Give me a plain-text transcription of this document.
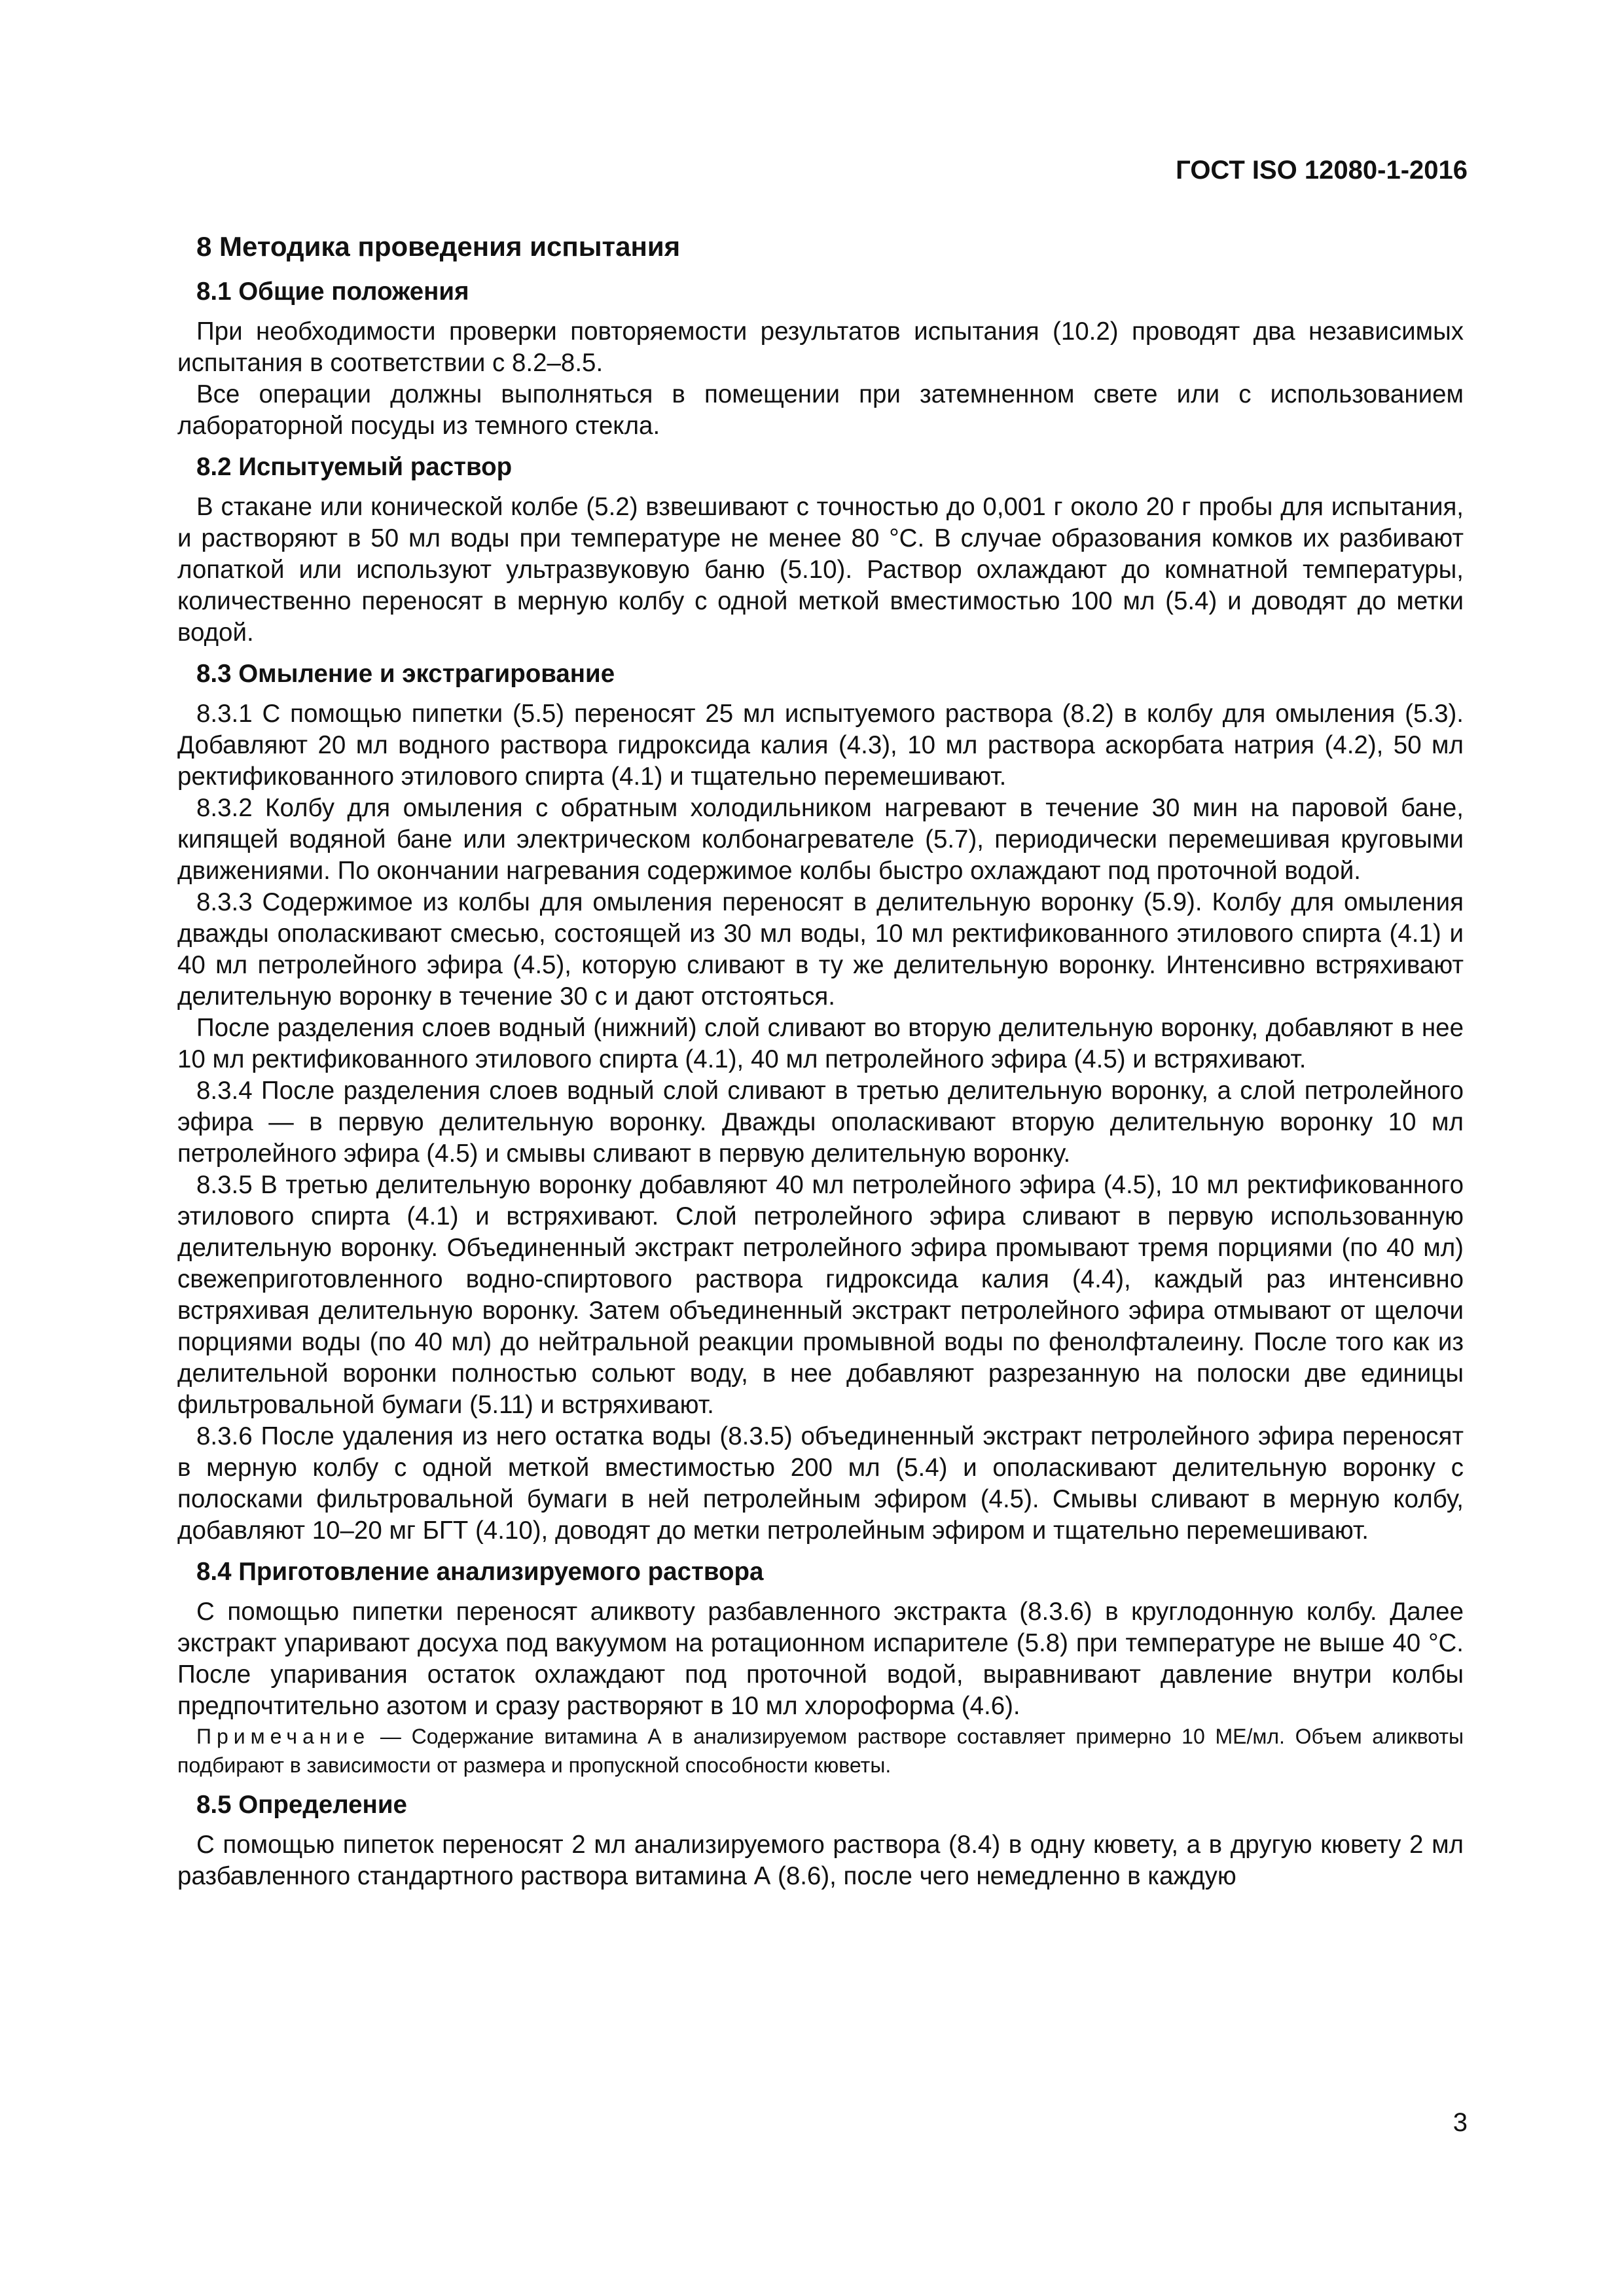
ГОСТ ISO 12080-1-2016
8 Методика проведения испытания
8.1 Общие положения

При необходимости проверки повторяемости результатов испытания (10.2) проводят два независимых испытания в соответствии с 8.2–8.5.

Все операции должны выполняться в помещении при затемненном свете или с использованием лабораторной посуды из темного стекла.

8.2 Испытуемый раствор

В стакане или конической колбе (5.2) взвешивают с точностью до 0,001 г около 20 г пробы для испытания, и растворяют в 50 мл воды при температуре не менее 80 °С. В случае образования комков их разбивают лопаткой или используют ультразвуковую баню (5.10). Раствор охлаждают до комнатной температуры, количественно переносят в мерную колбу с одной меткой вместимостью 100 мл (5.4) и доводят до метки водой.

8.3 Омыление и экстрагирование

8.3.1 С помощью пипетки (5.5) переносят 25 мл испытуемого раствора (8.2) в колбу для омыления (5.3). Добавляют 20 мл водного раствора гидроксида калия (4.3), 10 мл раствора аскорбата натрия (4.2), 50 мл ректификованного этилового спирта (4.1) и тщательно перемешивают.

8.3.2 Колбу для омыления с обратным холодильником нагревают в течение 30 мин на паровой бане, кипящей водяной бане или электрическом колбонагревателе (5.7), периодически перемешивая круговыми движениями. По окончании нагревания содержимое колбы быстро охлаждают под проточной водой.

8.3.3 Содержимое из колбы для омыления переносят в делительную воронку (5.9). Колбу для омыления дважды ополаскивают смесью, состоящей из 30 мл воды, 10 мл ректификованного этилового спирта (4.1) и 40 мл петролейного эфира (4.5), которую сливают в ту же делительную воронку. Интенсивно встряхивают делительную воронку в течение 30 с и дают отстояться.

После разделения слоев водный (нижний) слой сливают во вторую делительную воронку, добавляют в нее 10 мл ректификованного этилового спирта (4.1), 40 мл петролейного эфира (4.5) и встряхивают.

8.3.4 После разделения слоев водный слой сливают в третью делительную воронку, а слой петролейного эфира — в первую делительную воронку. Дважды ополаскивают вторую делительную воронку 10 мл петролейного эфира (4.5) и смывы сливают в первую делительную воронку.

8.3.5 В третью делительную воронку добавляют 40 мл петролейного эфира (4.5), 10 мл ректификованного этилового спирта (4.1) и встряхивают. Слой петролейного эфира сливают в первую использованную делительную воронку. Объединенный экстракт петролейного эфира промывают тремя порциями (по 40 мл) свежеприготовленного водно-спиртового раствора гидроксида калия (4.4), каждый раз интенсивно встряхивая делительную воронку. Затем объединенный экстракт петролейного эфира отмывают от щелочи порциями воды (по 40 мл) до нейтральной реакции промывной воды по фенолфталеину. После того как из делительной воронки полностью сольют воду, в нее добавляют разрезанную на полоски две единицы фильтровальной бумаги (5.11) и встряхивают.

8.3.6 После удаления из него остатка воды (8.3.5) объединенный экстракт петролейного эфира переносят в мерную колбу с одной меткой вместимостью 200 мл (5.4) и ополаскивают делительную воронку с полосками фильтровальной бумаги в ней петролейным эфиром (4.5). Смывы сливают в мерную колбу, добавляют 10–20 мг БГТ (4.10), доводят до метки петролейным эфиром и тщательно перемешивают.

8.4 Приготовление анализируемого раствора

С помощью пипетки переносят аликвоту разбавленного экстракта (8.3.6) в круглодонную колбу. Далее экстракт упаривают досуха под вакуумом на ротационном испарителе (5.8) при температуре не выше 40 °С. После упаривания остаток охлаждают под проточной водой, выравнивают давление внутри колбы предпочтительно азотом и сразу растворяют в 10 мл хлороформа (4.6).

Примечание — Содержание витамина А в анализируемом растворе составляет примерно 10 МЕ/мл. Объем аликвоты подбирают в зависимости от размера и пропускной способности кюветы.

8.5 Определение

С помощью пипеток переносят 2 мл анализируемого раствора (8.4) в одну кювету, а в другую кювету 2 мл разбавленного стандартного раствора витамина А (8.6), после чего немедленно в каждую

3
